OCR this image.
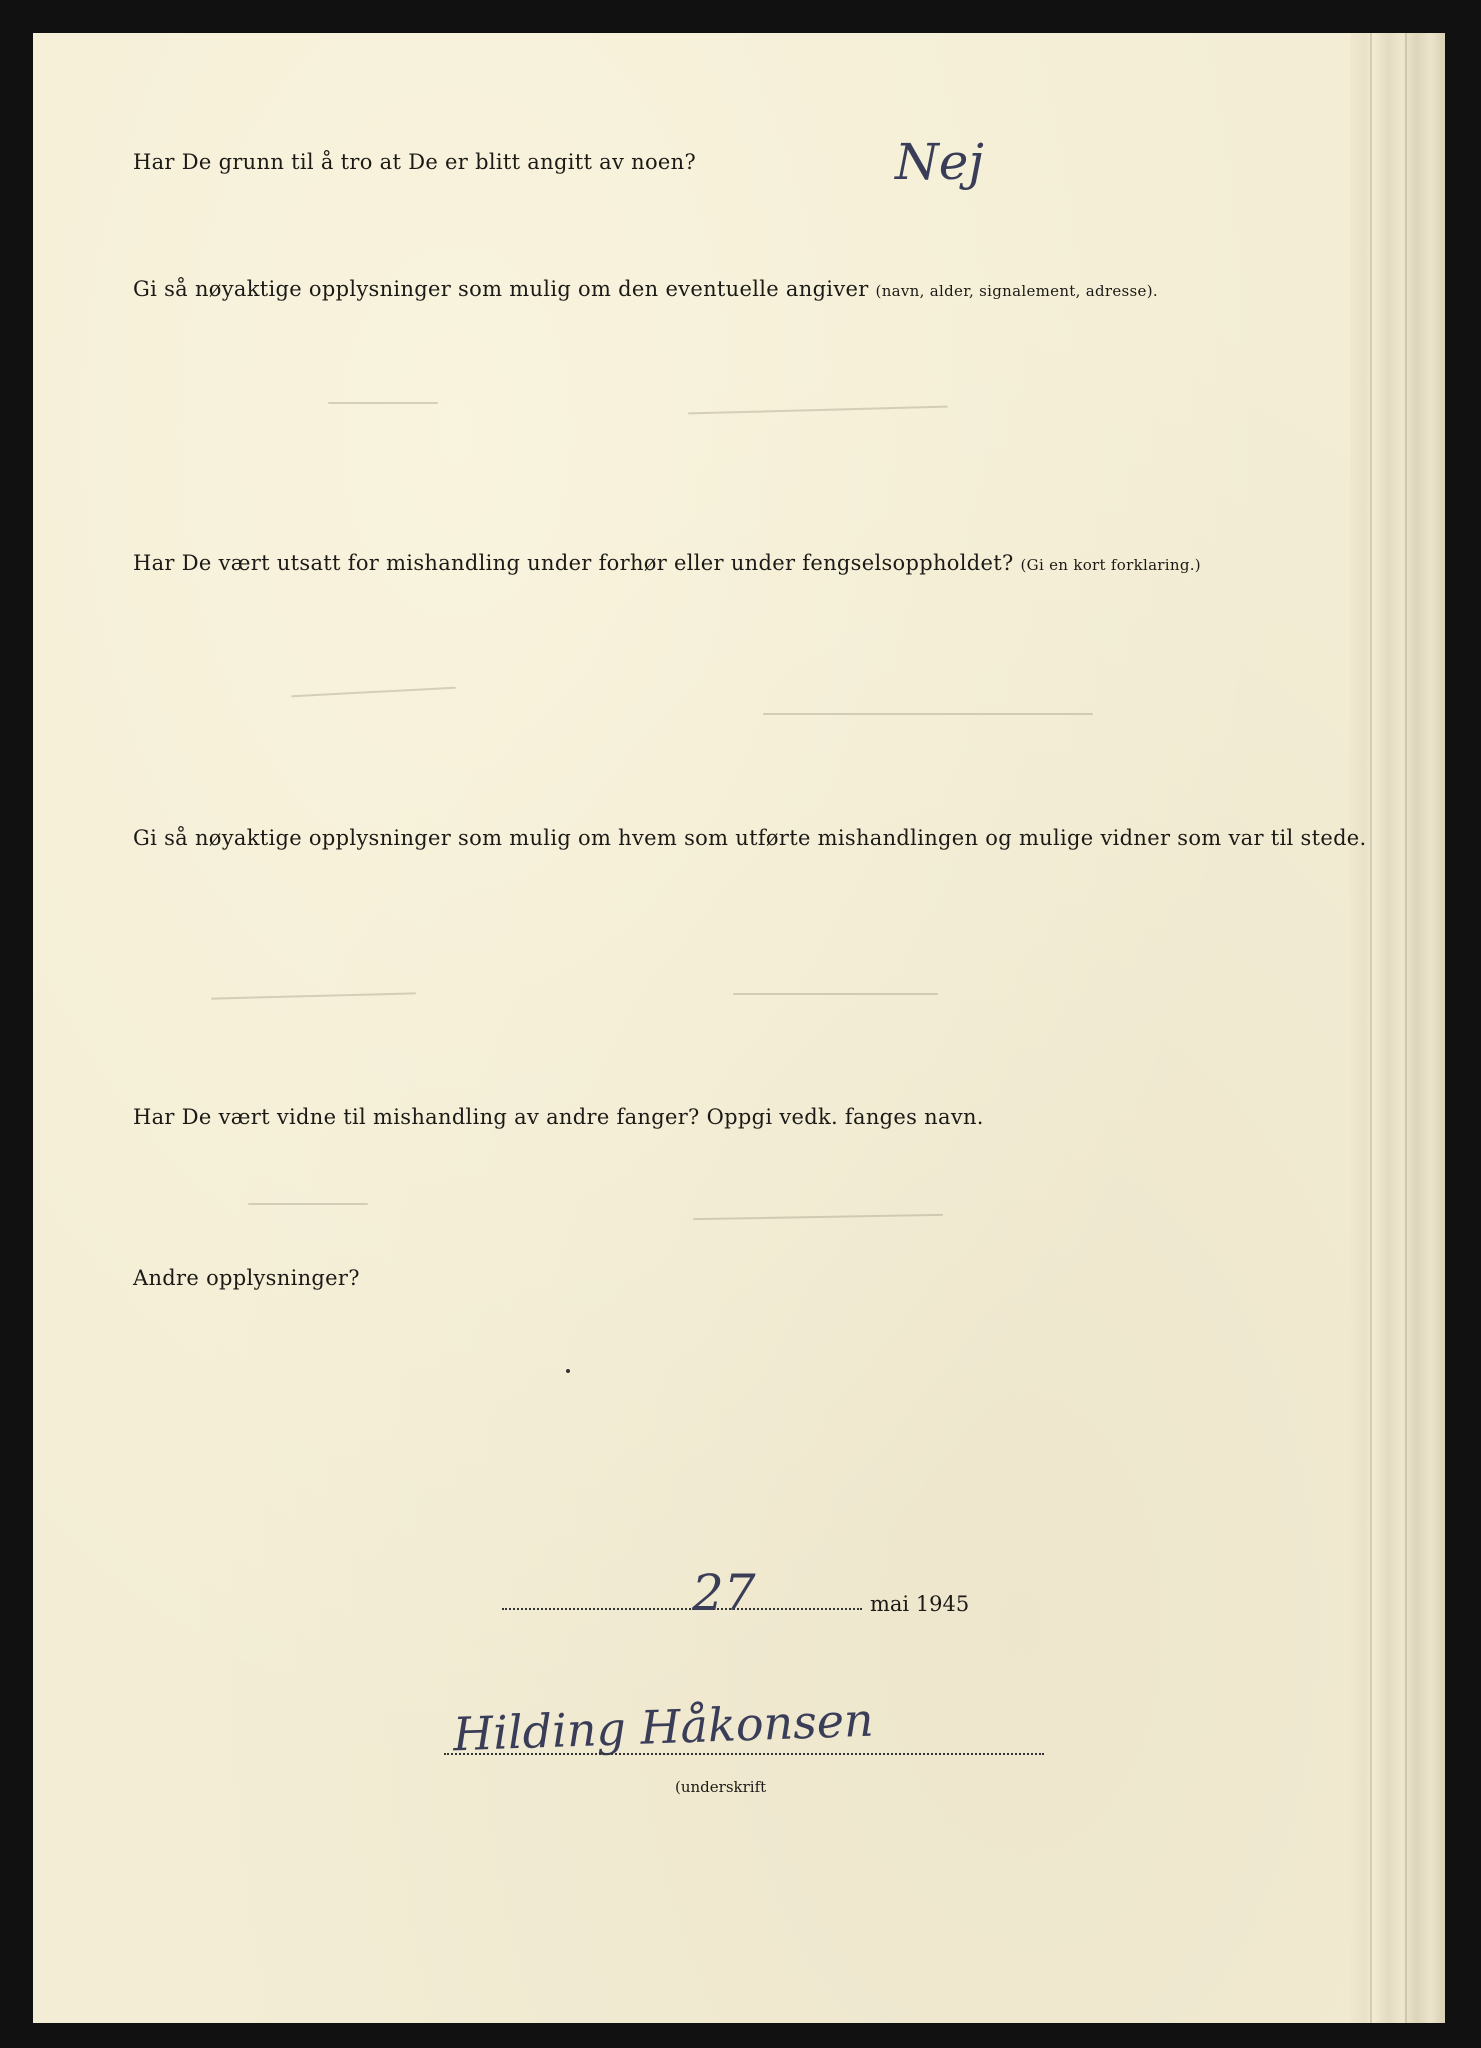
Har De grunn til å tro at De er blitt angitt av noen?	Nej
Gi så nøyaktige opplysninger som mulig om den eventuelle angiver (navn, alder, signalement, adresse).
Har De vært utsatt for mishandling under forhør eller under fengselsoppholdet? (Gi en kort forklaring.)
Gi så nøyaktige opplysninger som mulig om hvem som utførte mishandlingen og mulige vidner som var til stede.
Har De vært vidne til mishandling av andre fanger? Oppgi vedk. fanges navn.
Andre opplysninger?
27	mai 1945
Hilding Håkonsen
(underskrift
